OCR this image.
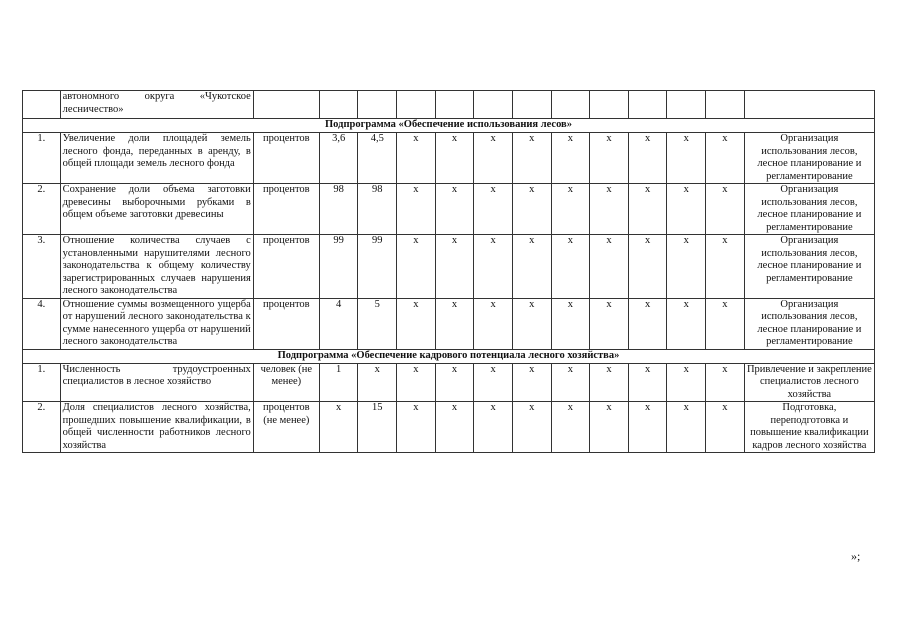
	автономного округа «Чукотское лесничество»													
Подпрограмма «Обеспечение использования лесов»														
1.	Увеличение доли площадей земель лесного фонда, переданных в аренду, в общей площади земель лесного фонда	процентов	3,6	4,5	х	х	х	х	х	х	х	х	х	Организация использования лесов, лесное планирование и регламентирование
2.	Сохранение доли объема заготовки древесины выборочными рубками в общем объеме заготовки древесины	процентов	98	98	х	х	х	х	х	х	х	х	х	Организация использования лесов, лесное планирование и регламентирование
3.	Отношение количества случаев с установленными нарушителями лесного законодательства к общему количеству зарегистрированных случаев нарушения лесного законодательства	процентов	99	99	х	х	х	х	х	х	х	х	х	Организация использования лесов, лесное планирование и регламентирование
4.	Отношение суммы возмещенного ущерба от нарушений лесного законодательства к сумме нанесенного ущерба от нарушений лесного законодательства	процентов	4	5	х	х	х	х	х	х	х	х	х	Организация использования лесов, лесное планирование и регламентирование
Подпрограмма «Обеспечение кадрового потенциала лесного хозяйства»														
1.	Численность трудоустроенных специалистов в лесное хозяйство	человек (не менее)	1	х	х	х	х	х	х	х	х	х	х	Привлечение и закрепление специалистов лесного хозяйства
2.	Доля специалистов лесного хозяйства, прошедших повышение квалификации, в общей численности работников лесного хозяйства	процентов (не менее)	х	15	х	х	х	х	х	х	х	х	х	Подготовка, переподготовка и повышение квалификации кадров лесного хозяйства
»;
